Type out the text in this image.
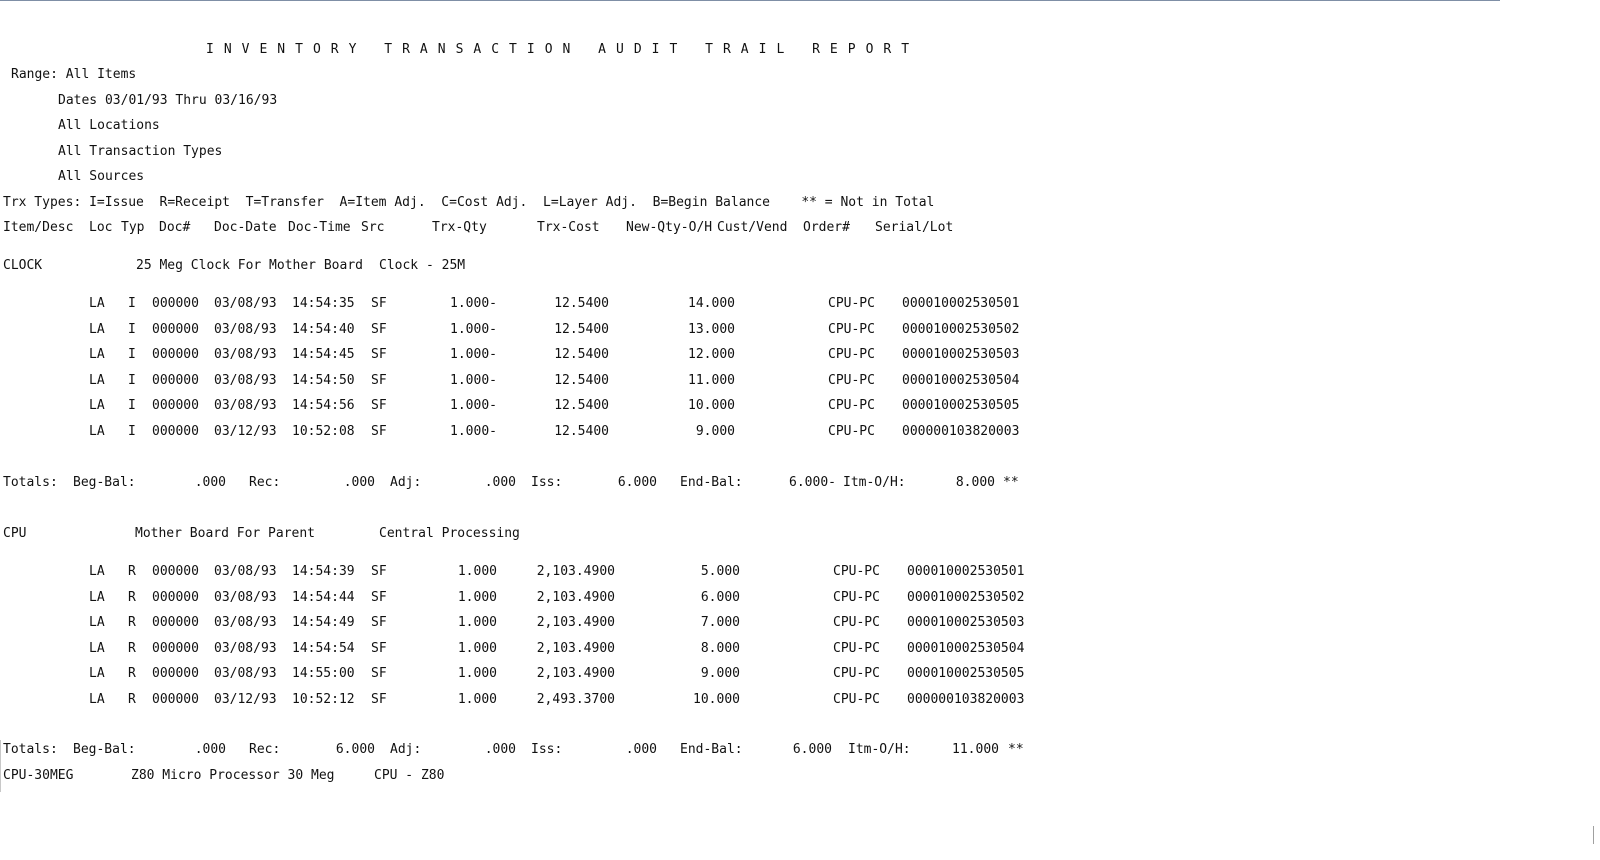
INVENTORY TRANSACTION AUDIT TRAIL REPORT
Range: All Items
Dates 03/01/93 Thru 03/16/93
All Locations
All Transaction Types
All Sources
Trx Types: I=Issue  R=Receipt  T=Transfer  A=Item Adj.  C=Cost Adj.  L=Layer Adj.  B=Begin Balance    ** = Not in Total
Item/Desc Loc Typ Doc# Doc-Date Doc-Time Src	Trx-Qty	Trx-Cost New-Qty-O/H Cust/Vend Order# Serial/Lot
CLOCK	25 Meg Clock For Mother Board Clock - 25M
LA I 000000 03/08/93 14:54:35 SF	1.000-	12.5400	14.000	CPU-PC 000010002530501
LA I 000000 03/08/93 14:54:40 SF	1.000-	12.5400	13.000	CPU-PC 000010002530502
LA I 000000 03/08/93 14:54:45 SF	1.000-	12.5400	12.000	CPU-PC 000010002530503
LA I 000000 03/08/93 14:54:50 SF	1.000-	12.5400	11.000	CPU-PC 000010002530504
LA I 000000 03/08/93 14:54:56 SF	1.000-	12.5400	10.000	CPU-PC 000010002530505
LA I 000000 03/12/93 10:52:08 SF	1.000-	12.5400	9.000	CPU-PC 000000103820003
Totals: Beg-Bal:	.000 Rec:	.000 Adj:	.000 Iss:	6.000 End-Bal:	6.000- Itm-O/H:	8.000 **
CPU	Mother Board For Parent	Central Processing
LA R 000000 03/08/93 14:54:39 SF	1.000	2,103.4900	5.000	CPU-PC 000010002530501
LA R 000000 03/08/93 14:54:44 SF	1.000	2,103.4900	6.000	CPU-PC 000010002530502
LA R 000000 03/08/93 14:54:49 SF	1.000	2,103.4900	7.000	CPU-PC 000010002530503
LA R 000000 03/08/93 14:54:54 SF	1.000	2,103.4900	8.000	CPU-PC 000010002530504
LA R 000000 03/08/93 14:55:00 SF	1.000	2,103.4900	9.000	CPU-PC 000010002530505
LA R 000000 03/12/93 10:52:12 SF	1.000	2,493.3700	10.000	CPU-PC 000000103820003
Totals: Beg-Bal:	.000 Rec:	6.000 Adj:	.000 Iss:	.000 End-Bal:	6.000 Itm-O/H:	11.000 **
CPU-30MEG	Z80 Micro Processor 30 Meg	CPU - Z80
